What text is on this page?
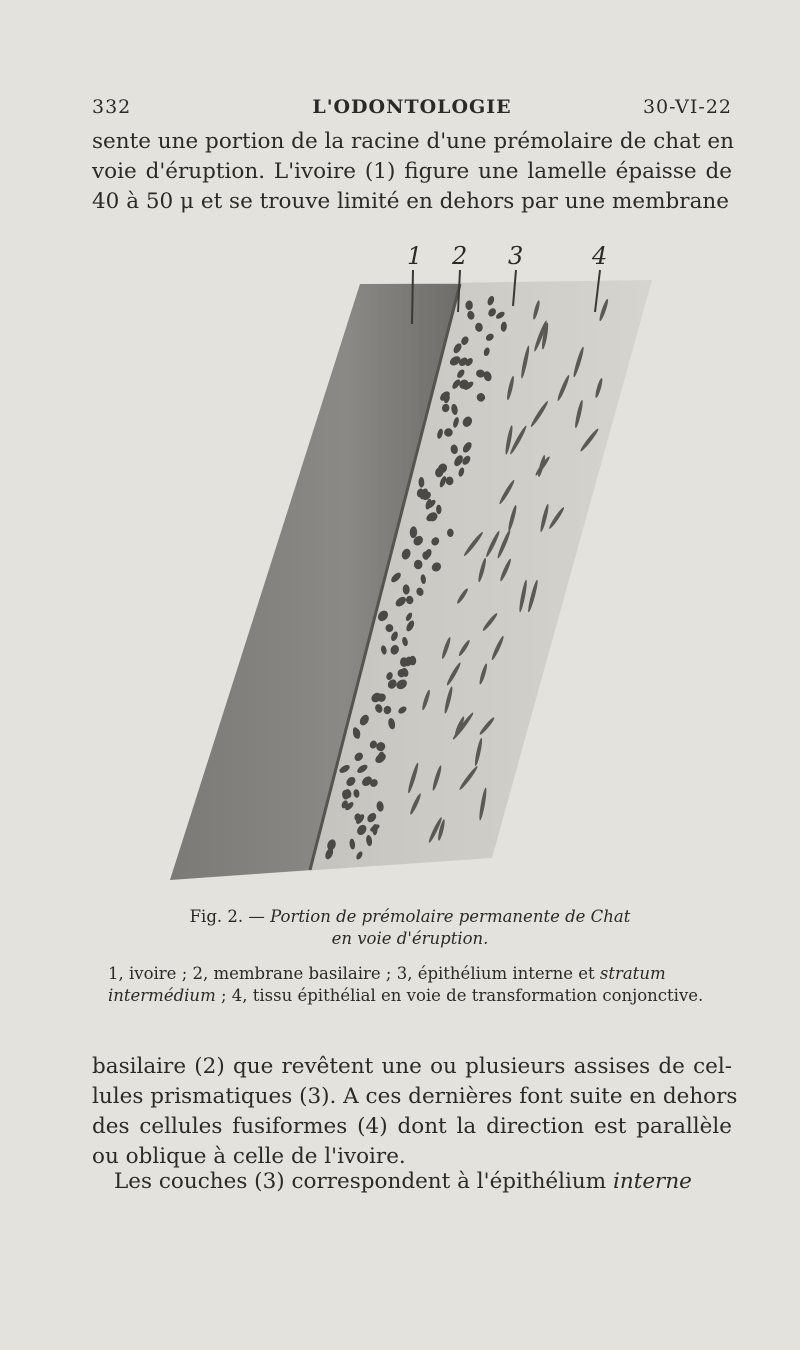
332	L'ODONTOLOGIE	30-VI-22

sente une portion de la racine d'une prémolaire de chat en
voie d'éruption. L'ivoire (1) figure une lamelle épaisse de
40 à 50 μ et se trouve limité en dehors par une membrane

1 2 3	4

Fig. 2. — Portion de prémolaire permanente de Chat
en voie d'éruption.

1, ivoire ; 2, membrane basilaire ; 3, épithélium interne et stratum intermédium ; 4, tissu épithélial en voie de transformation conjonctive.

basilaire (2) que revêtent une ou plusieurs assises de cel-
lules prismatiques (3). A ces dernières font suite en dehors
des cellules fusiformes (4) dont la direction est parallèle
ou oblique à celle de l'ivoire.

Les couches (3) correspondent à l'épithélium interne
